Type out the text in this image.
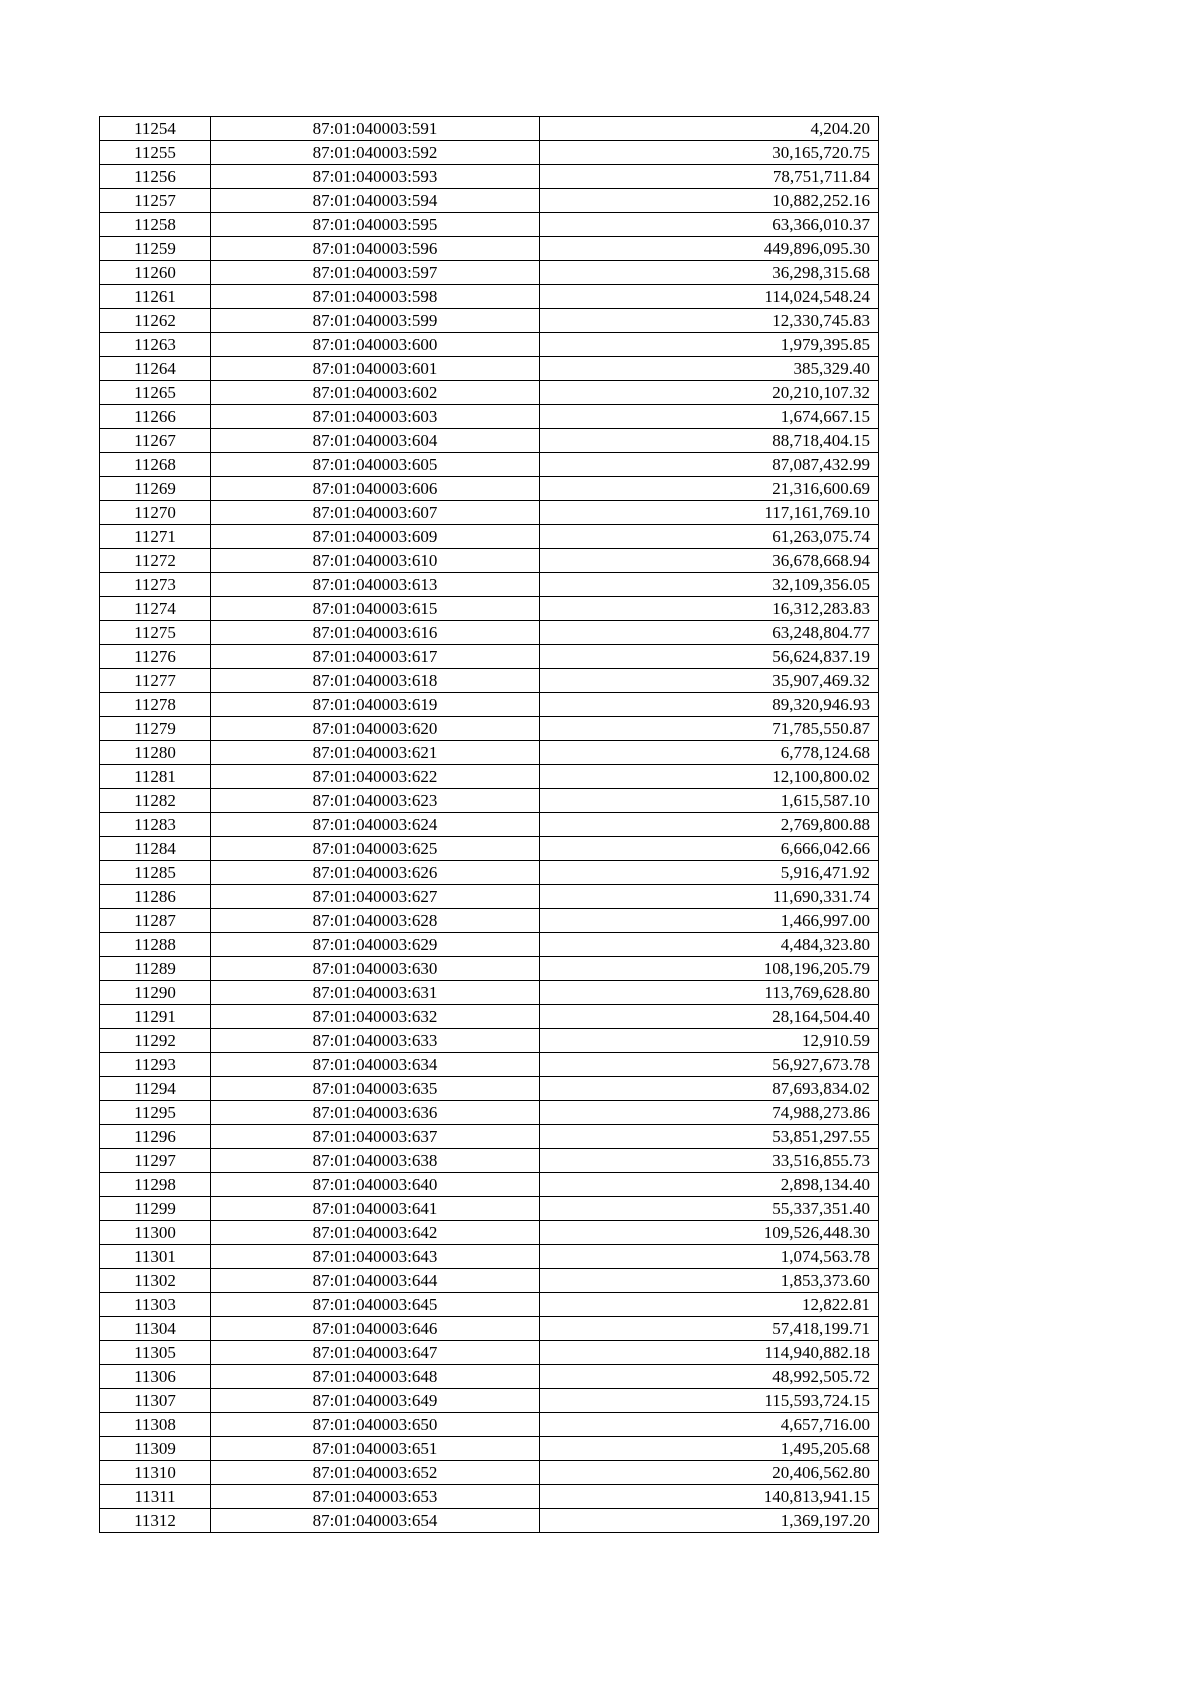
11254	87:01:040003:591	4,204.20
11255	87:01:040003:592	30,165,720.75
11256	87:01:040003:593	78,751,711.84
11257	87:01:040003:594	10,882,252.16
11258	87:01:040003:595	63,366,010.37
11259	87:01:040003:596	449,896,095.30
11260	87:01:040003:597	36,298,315.68
11261	87:01:040003:598	114,024,548.24
11262	87:01:040003:599	12,330,745.83
11263	87:01:040003:600	1,979,395.85
11264	87:01:040003:601	385,329.40
11265	87:01:040003:602	20,210,107.32
11266	87:01:040003:603	1,674,667.15
11267	87:01:040003:604	88,718,404.15
11268	87:01:040003:605	87,087,432.99
11269	87:01:040003:606	21,316,600.69
11270	87:01:040003:607	117,161,769.10
11271	87:01:040003:609	61,263,075.74
11272	87:01:040003:610	36,678,668.94
11273	87:01:040003:613	32,109,356.05
11274	87:01:040003:615	16,312,283.83
11275	87:01:040003:616	63,248,804.77
11276	87:01:040003:617	56,624,837.19
11277	87:01:040003:618	35,907,469.32
11278	87:01:040003:619	89,320,946.93
11279	87:01:040003:620	71,785,550.87
11280	87:01:040003:621	6,778,124.68
11281	87:01:040003:622	12,100,800.02
11282	87:01:040003:623	1,615,587.10
11283	87:01:040003:624	2,769,800.88
11284	87:01:040003:625	6,666,042.66
11285	87:01:040003:626	5,916,471.92
11286	87:01:040003:627	11,690,331.74
11287	87:01:040003:628	1,466,997.00
11288	87:01:040003:629	4,484,323.80
11289	87:01:040003:630	108,196,205.79
11290	87:01:040003:631	113,769,628.80
11291	87:01:040003:632	28,164,504.40
11292	87:01:040003:633	12,910.59
11293	87:01:040003:634	56,927,673.78
11294	87:01:040003:635	87,693,834.02
11295	87:01:040003:636	74,988,273.86
11296	87:01:040003:637	53,851,297.55
11297	87:01:040003:638	33,516,855.73
11298	87:01:040003:640	2,898,134.40
11299	87:01:040003:641	55,337,351.40
11300	87:01:040003:642	109,526,448.30
11301	87:01:040003:643	1,074,563.78
11302	87:01:040003:644	1,853,373.60
11303	87:01:040003:645	12,822.81
11304	87:01:040003:646	57,418,199.71
11305	87:01:040003:647	114,940,882.18
11306	87:01:040003:648	48,992,505.72
11307	87:01:040003:649	115,593,724.15
11308	87:01:040003:650	4,657,716.00
11309	87:01:040003:651	1,495,205.68
11310	87:01:040003:652	20,406,562.80
11311	87:01:040003:653	140,813,941.15
11312	87:01:040003:654	1,369,197.20
